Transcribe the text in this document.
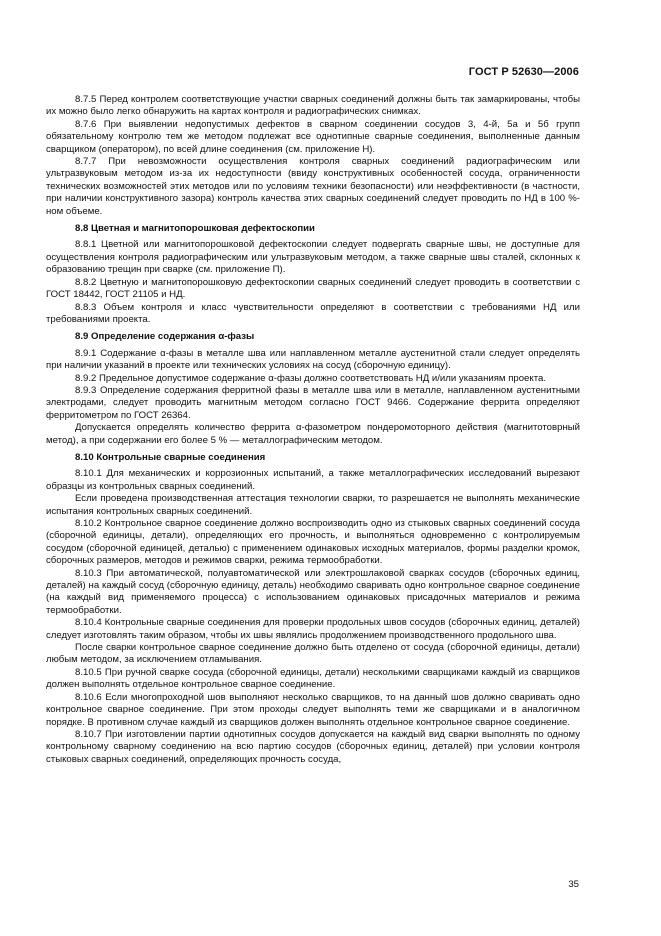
ГОСТ Р 52630—2006

8.7.5 Перед контролем соответствующие участки сварных соединений должны быть так замаркированы, чтобы их можно было легко обнаружить на картах контроля и радиографических снимках.

8.7.6 При выявлении недопустимых дефектов в сварном соединении сосудов 3, 4-й, 5а и 5б групп обязательному контролю тем же методом подлежат все однотипные сварные соединения, выполненные данным сварщиком (оператором), по всей длине соединения (см. приложение Н).

8.7.7 При невозможности осуществления контроля сварных соединений радиографическим или ультразвуковым методом из-за их недоступности (ввиду конструктивных особенностей сосуда, ограниченности технических возможностей этих методов или по условиям техники безопасности) или неэффективности (в частности, при наличии конструктивного зазора) контроль качества этих сварных соединений следует проводить по НД в 100 %-ном объеме.

8.8 Цветная и магнитопорошковая дефектоскопии

8.8.1 Цветной или магнитопорошковой дефектоскопии следует подвергать сварные швы, не доступные для осуществления контроля радиографическим или ультразвуковым методом, а также сварные швы сталей, склонных к образованию трещин при сварке (см. приложение П).

8.8.2 Цветную и магнитопорошковую дефектоскопии сварных соединений следует проводить в соответствии с ГОСТ 18442, ГОСТ 21105 и НД.

8.8.3 Объем контроля и класс чувствительности определяют в соответствии с требованиями НД или требованиями проекта.

8.9 Определение содержания α-фазы

8.9.1 Содержание α-фазы в металле шва или наплавленном металле аустенитной стали следует определять при наличии указаний в проекте или технических условиях на сосуд (сборочную единицу).

8.9.2 Предельное допустимое содержание α-фазы должно соответствовать НД и/или указаниям проекта.

8.9.3 Определение содержания ферритной фазы в металле шва или в металле, наплавленном аустенитными электродами, следует проводить магнитным методом согласно ГОСТ 9466. Содержание феррита определяют ферритометром по ГОСТ 26364.

Допускается определять количество феррита α-фазометром пондеромоторного действия (магнитотоврный метод), а при содержании его более 5 % — металлографическим методом.

8.10 Контрольные сварные соединения

8.10.1 Для механических и коррозионных испытаний, а также металлографических исследований вырезают образцы из контрольных сварных соединений.

Если проведена производственная аттестация технологии сварки, то разрешается не выполнять механические испытания контрольных сварных соединений.

8.10.2 Контрольное сварное соединение должно воспроизводить одно из стыковых сварных соединений сосуда (сборочной единицы, детали), определяющих его прочность, и выполняться одновременно с контролируемым сосудом (сборочной единицей, деталью) с применением одинаковых исходных материалов, формы разделки кромок, сборочных размеров, методов и режимов сварки, режима термообработки.

8.10.3 При автоматической, полуавтоматической или электрошлаковой сварках сосудов (сборочных единиц, деталей) на каждый сосуд (сборочную единицу, деталь) необходимо сваривать одно контрольное сварное соединение (на каждый вид применяемого процесса) с использованием одинаковых присадочных материалов и режима термообработки.

8.10.4 Контрольные сварные соединения для проверки продольных швов сосудов (сборочных единиц, деталей) следует изготовлять таким образом, чтобы их швы являлись продолжением производственного продольного шва.

После сварки контрольное сварное соединение должно быть отделено от сосуда (сборочной единицы, детали) любым методом, за исключением отламывания.

8.10.5 При ручной сварке сосуда (сборочной единицы, детали) несколькими сварщиками каждый из сварщиков должен выполнять отдельное контрольное сварное соединение.

8.10.6 Если многопроходной шов выполняют несколько сварщиков, то на данный шов должно сваривать одно контрольное сварное соединение. При этом проходы следует выполнять теми же сварщиками и в аналогичном порядке. В противном случае каждый из сварщиков должен выполнять отдельное контрольное сварное соединение.

8.10.7 При изготовлении партии однотипных сосудов допускается на каждый вид сварки выполнять по одному контрольному сварному соединению на всю партию сосудов (сборочных единиц, деталей) при условии контроля стыковых сварных соединений, определяющих прочность сосуда,

35
